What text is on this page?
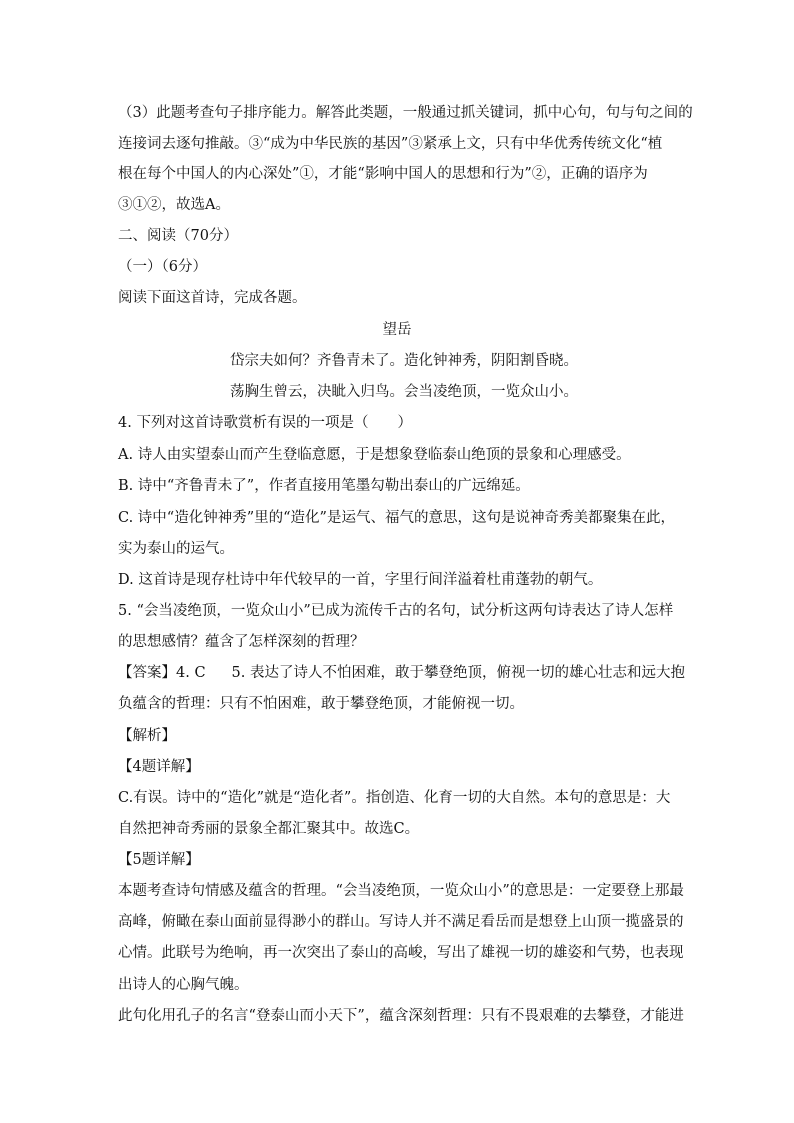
（3）此题考查句子排序能力。解答此类题，一般通过抓关键词，抓中心句，句与句之间的
连接词去逐句推敲。③“成为中华民族的基因”③紧承上文，只有中华优秀传统文化“植
根在每个中国人的内心深处”①，才能“影响中国人的思想和行为”②，正确的语序为
③①②，故选A。
二、阅读（70分）
（一）（6分）
阅读下面这首诗，完成各题。
望岳
岱宗夫如何？齐鲁青未了。造化钟神秀，阴阳割昏晓。
荡胸生曾云，决眦入归鸟。会当凌绝顶，一览众山小。
4. 下列对这首诗歌赏析有误的一项是（　　）
A. 诗人由实望泰山而产生登临意愿，于是想象登临泰山绝顶的景象和心理感受。
B. 诗中“齐鲁青未了”，作者直接用笔墨勾勒出泰山的广远绵延。
C. 诗中“造化钟神秀”里的“造化”是运气、福气的意思，这句是说神奇秀美都聚集在此，
实为泰山的运气。
D. 这首诗是现存杜诗中年代较早的一首，字里行间洋溢着杜甫蓬勃的朝气。
5. “会当凌绝顶，一览众山小”已成为流传千古的名句，试分析这两句诗表达了诗人怎样
的思想感情？蕴含了怎样深刻的哲理？
【答案】4. C 5. 表达了诗人不怕困难，敢于攀登绝顶，俯视一切的雄心壮志和远大抱
负蕴含的哲理：只有不怕困难，敢于攀登绝顶，才能俯视一切。
【解析】
【4题详解】
C.有误。诗中的“造化”就是“造化者”。指创造、化育一切的大自然。本句的意思是：大
自然把神奇秀丽的景象全都汇聚其中。故选C。
【5题详解】
本题考查诗句情感及蕴含的哲理。“会当凌绝顶，一览众山小”的意思是：一定要登上那最
高峰，俯瞰在泰山面前显得渺小的群山。写诗人并不满足看岳而是想登上山顶一揽盛景的
心情。此联号为绝响，再一次突出了泰山的高峻，写出了雄视一切的雄姿和气势，也表现
出诗人的心胸气魄。
此句化用孔子的名言“登泰山而小天下”，蕴含深刻哲理：只有不畏艰难的去攀登，才能进
